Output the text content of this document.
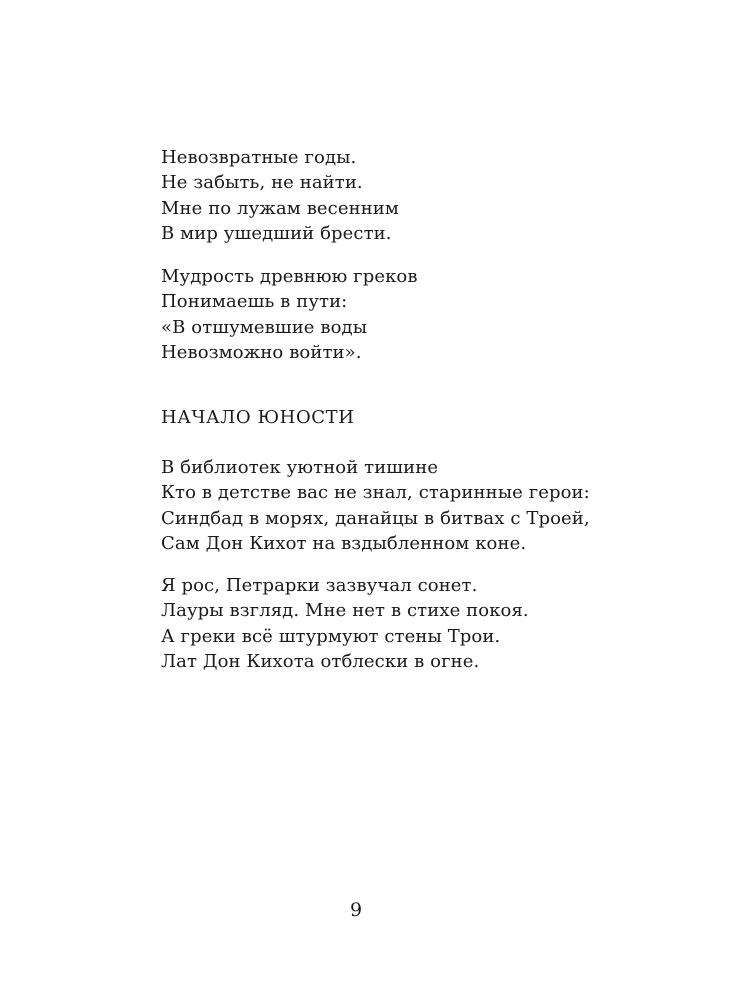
Невозвратные годы.
Не забыть, не найти.
Мне по лужам весенним
В мир ушедший брести.
Мудрость древнюю греков
Понимаешь в пути:
«В отшумевшие воды
Невозможно войти».
НАЧАЛО ЮНОСТИ
В библиотек уютной тишине
Кто в детстве вас не знал, старинные герои:
Синдбад в морях, данайцы в битвах с Троей,
Сам Дон Кихот на вздыбленном коне.
Я рос, Петрарки зазвучал сонет.
Лауры взгляд. Мне нет в стихе покоя.
А греки всё штурмуют стены Трои.
Лат Дон Кихота отблески в огне.
9
